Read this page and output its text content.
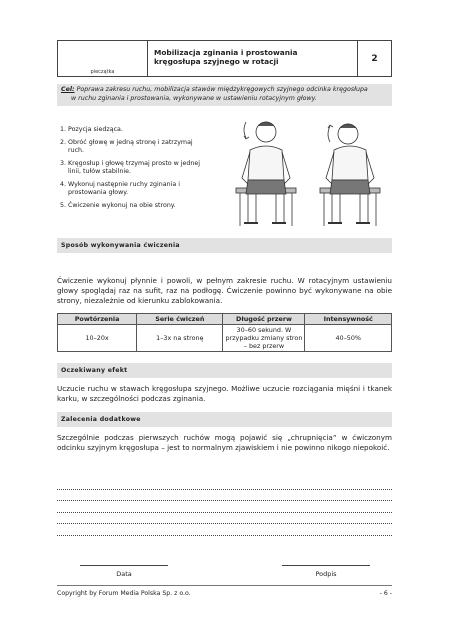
pieczątka
Mobilizacja zginania i prostowania
kręgosłupa szyjnego w rotacji	2
Cel: Poprawa zakresu ruchu, mobilizacja stawów międzykręgowych szyjnego odcinka kręgosłupa
w ruchu zginania i prostowania, wykonywane w ustawieniu rotacyjnym głowy.
1. Pozycja siedząca.
2. Obróć głowę w jedną stronę i zatrzymaj ruch.
3. Kręgosłup i głowę trzymaj prosto w jednej linii, tułów stabilnie.
4. Wykonuj następnie ruchy zginania i prostowania głowy.
5. Ćwiczenie wykonuj na obie strony.
Sposób wykonywania ćwiczenia
Ćwiczenie wykonuj płynnie i powoli, w pełnym zakresie ruchu. W rotacyjnym ustawieniu głowy spoglądaj raz na sufit, raz na podłogę. Ćwiczenie powinno być wykonywane na obie strony, niezależnie od kierunku zablokowania.
Powtórzenia	Serie ćwiczeń	Długość przerw	Intensywność
10–20x	1–3x na stronę	30–60 sekund. W przypadku zmiany stron – bez przerw	40–50%
Oczekiwany efekt
Uczucie ruchu w stawach kręgosłupa szyjnego. Możliwe uczucie rozciągania mięśni i tkanek karku, w szczególności podczas zginania.
Zalecenia dodatkowe
Szczególnie podczas pierwszych ruchów mogą pojawić się „chrupnięcia” w ćwiczonym odcinku szyjnym kręgosłupa – jest to normalnym zjawiskiem i nie powinno nikogo niepokoić.
Data	Podpis
Copyright by Forum Media Polska Sp. z o.o.	- 6 -
